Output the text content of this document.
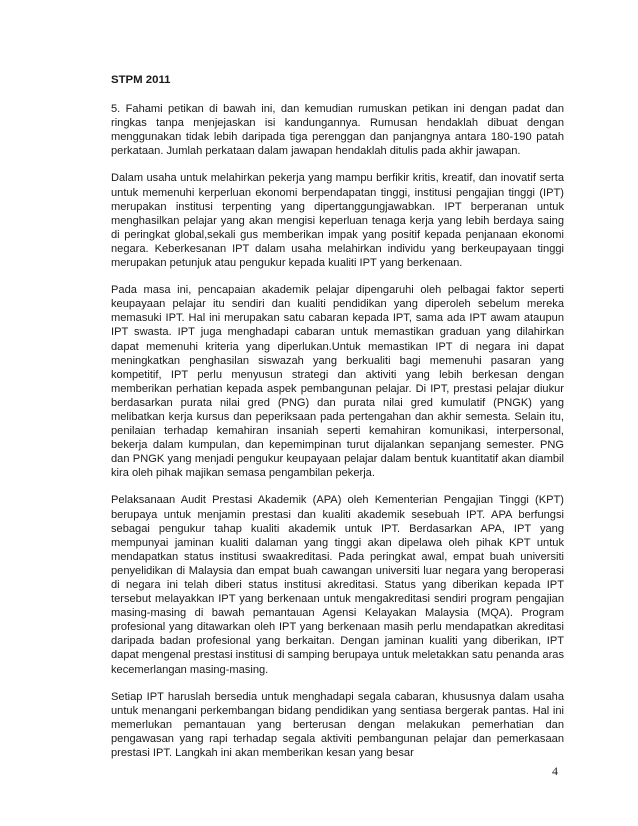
STPM 2011

5. Fahami petikan di bawah ini, dan kemudian rumuskan petikan ini dengan padat dan ringkas tanpa menjejaskan isi kandungannya. Rumusan hendaklah dibuat dengan menggunakan tidak lebih daripada tiga perenggan dan panjangnya antara 180-190 patah perkataan. Jumlah perkataan dalam jawapan hendaklah ditulis pada akhir jawapan.

Dalam usaha untuk melahirkan pekerja yang mampu berfikir kritis, kreatif, dan inovatif serta untuk memenuhi kerperluan ekonomi berpendapatan tinggi, institusi pengajian tinggi (IPT) merupakan institusi terpenting yang dipertanggungjawabkan. IPT berperanan untuk menghasilkan pelajar yang akan mengisi keperluan tenaga kerja yang lebih berdaya saing di peringkat global,sekali gus memberikan impak yang positif kepada penjanaan ekonomi negara. Keberkesanan IPT dalam usaha melahirkan individu yang berkeupayaan tinggi merupakan petunjuk atau pengukur kepada kualiti IPT yang berkenaan.

Pada masa ini, pencapaian akademik pelajar dipengaruhi oleh pelbagai faktor seperti keupayaan pelajar itu sendiri dan kualiti pendidikan yang diperoleh sebelum mereka memasuki IPT. Hal ini merupakan satu cabaran kepada IPT, sama ada IPT awam ataupun IPT swasta. IPT juga menghadapi cabaran untuk memastikan graduan yang dilahirkan dapat memenuhi kriteria yang diperlukan.Untuk memastikan IPT di negara ini dapat meningkatkan penghasilan siswazah yang berkualiti bagi memenuhi pasaran yang kompetitif, IPT perlu menyusun strategi dan aktiviti yang lebih berkesan dengan memberikan perhatian kepada aspek pembangunan pelajar. Di IPT, prestasi pelajar diukur berdasarkan purata nilai gred (PNG) dan purata nilai gred kumulatif (PNGK) yang melibatkan kerja kursus dan peperiksaan pada pertengahan dan akhir semesta. Selain itu, penilaian terhadap kemahiran insaniah seperti kemahiran komunikasi, interpersonal, bekerja dalam kumpulan, dan kepemimpinan turut dijalankan sepanjang semester. PNG dan PNGK yang menjadi pengukur keupayaan pelajar dalam bentuk kuantitatif akan diambil kira oleh pihak majikan semasa pengambilan pekerja.

Pelaksanaan Audit Prestasi Akademik (APA) oleh Kementerian Pengajian Tinggi (KPT) berupaya untuk menjamin prestasi dan kualiti akademik sesebuah IPT. APA berfungsi sebagai pengukur tahap kualiti akademik untuk IPT. Berdasarkan APA, IPT yang mempunyai jaminan kualiti dalaman yang tinggi akan dipelawa oleh pihak KPT untuk mendapatkan status institusi swaakreditasi. Pada peringkat awal, empat buah universiti penyelidikan di Malaysia dan empat buah cawangan universiti luar negara yang beroperasi di negara ini telah diberi status institusi akreditasi. Status yang diberikan kepada IPT tersebut melayakkan IPT yang berkenaan untuk mengakreditasi sendiri program pengajian masing-masing di bawah pemantauan Agensi Kelayakan Malaysia (MQA). Program profesional yang ditawarkan oleh IPT yang berkenaan masih perlu mendapatkan akreditasi daripada badan profesional yang berkaitan. Dengan jaminan kualiti yang diberikan, IPT dapat mengenal prestasi institusi di samping berupaya untuk meletakkan satu penanda aras kecemerlangan masing-masing.

Setiap IPT haruslah bersedia untuk menghadapi segala cabaran, khususnya dalam usaha untuk menangani perkembangan bidang pendidikan yang sentiasa bergerak pantas. Hal ini memerlukan pemantauan yang berterusan dengan melakukan pemerhatian dan pengawasan yang rapi terhadap segala aktiviti pembangunan pelajar dan pemerkasaan prestasi IPT. Langkah ini akan memberikan kesan yang besar

4
